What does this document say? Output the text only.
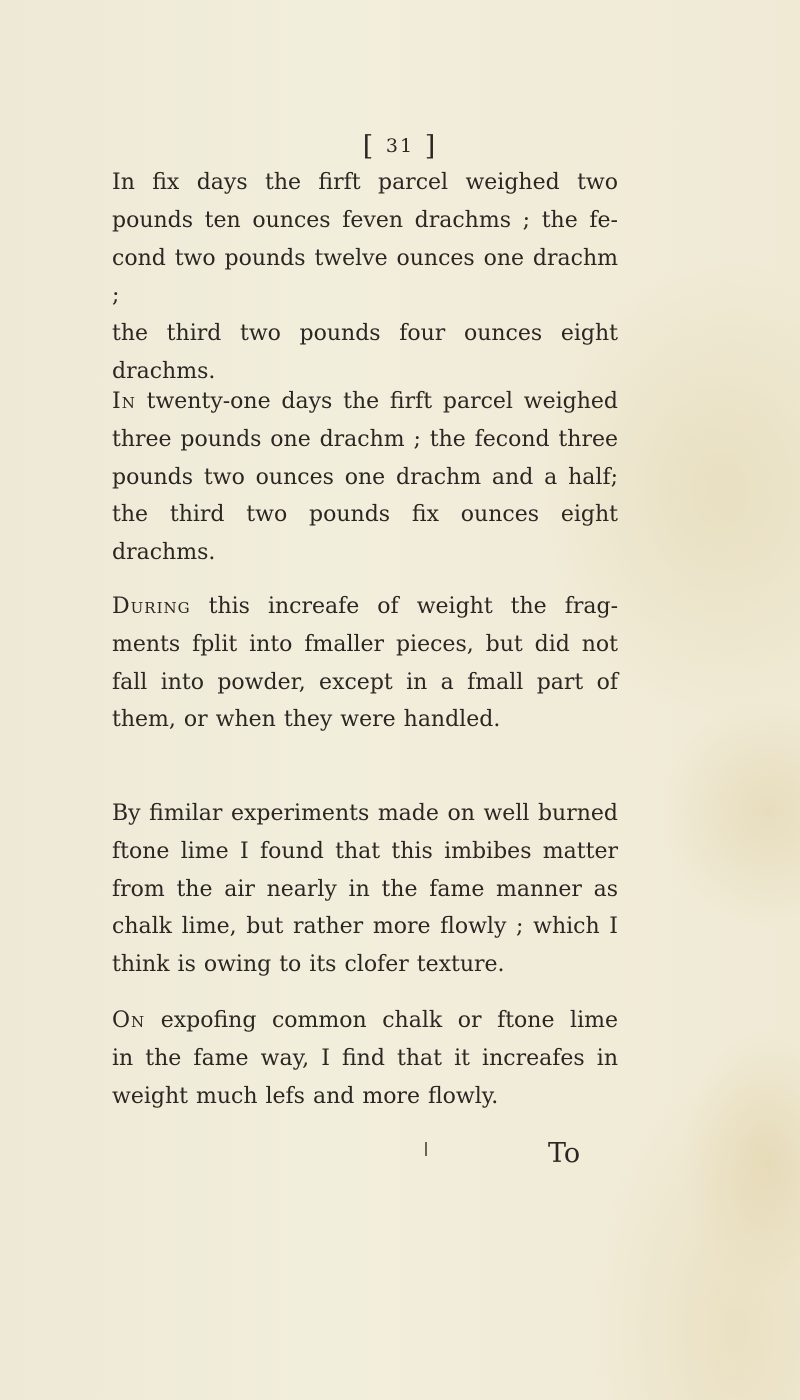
[ 31 ]

In fix days the firft parcel weighed two
pounds ten ounces feven drachms ; the fe-
cond two pounds twelve ounces one drachm ;
the third two pounds four ounces eight
drachms.

In twenty-one days the firft parcel weighed
three pounds one drachm ; the fecond three
pounds two ounces one drachm and a half;
the third two pounds fix ounces eight
drachms.

During this increafe of weight the frag-
ments fplit into fmaller pieces, but did not
fall into powder, except in a fmall part of
them, or when they were handled.

By fimilar experiments made on well burned
ftone lime I found that this imbibes matter
from the air nearly in the fame manner as
chalk lime, but rather more flowly ; which I
think is owing to its clofer texture.

On expofing common chalk or ftone lime
in the fame way, I find that it increafes in
weight much lefs and more flowly.

To
